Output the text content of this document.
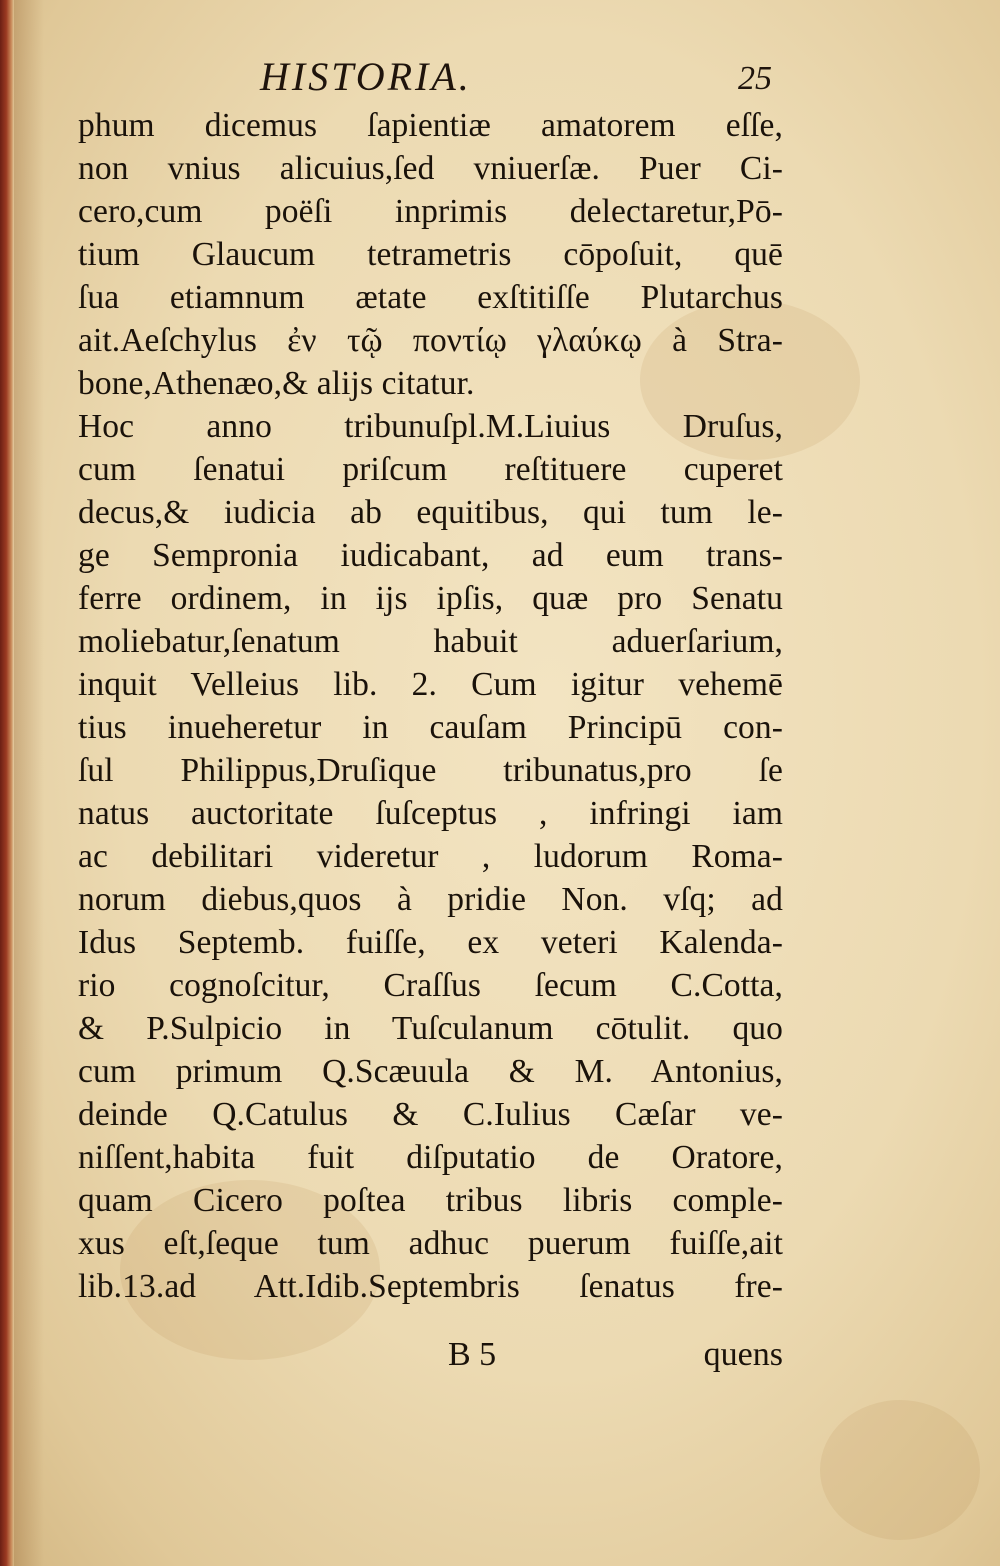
HISTORIA.	25
phum dicemus ſapientiæ amatorem eſſe,
non vnius alicuius,ſed vniuerſæ. Puer Ci-
cero,cum poëſi inprimis delectaretur,Pō-
tium Glaucum tetrametris cōpoſuit, quē
ſua etiamnum ætate exſtitiſſe Plutarchus
ait.Aeſchylus ἐν τῷ ποντίῳ γλαύκῳ à Stra-
bone,Athenæo,& alijs citatur.
Hoc anno tribunuſpl.M.Liuius Druſus,
cum ſenatui priſcum reſtituere cuperet
decus,& iudicia ab equitibus, qui tum le-
ge Sempronia iudicabant, ad eum trans-
ferre ordinem, in ijs ipſis, quæ pro Senatu
moliebatur,ſenatum habuit aduerſarium,
inquit Velleius lib. 2. Cum igitur vehemē
tius inueheretur in cauſam Principū con-
ſul Philippus,Druſique tribunatus,pro ſe
natus auctoritate ſuſceptus , infringi iam
ac debilitari videretur , ludorum Roma-
norum diebus,quos à pridie Non. vſq; ad
Idus Septemb. fuiſſe, ex veteri Kalenda-
rio cognoſcitur, Craſſus ſecum C.Cotta,
& P.Sulpicio in Tuſculanum cōtulit. quo
cum primum Q.Scæuula & M. Antonius,
deinde Q.Catulus & C.Iulius Cæſar ve-
niſſent,habita fuit diſputatio de Oratore,
quam Cicero poſtea tribus libris comple-
xus eſt,ſeque tum adhuc puerum fuiſſe,ait
lib.13.ad Att.Idib.Septembris ſenatus fre-
B 5	quens
